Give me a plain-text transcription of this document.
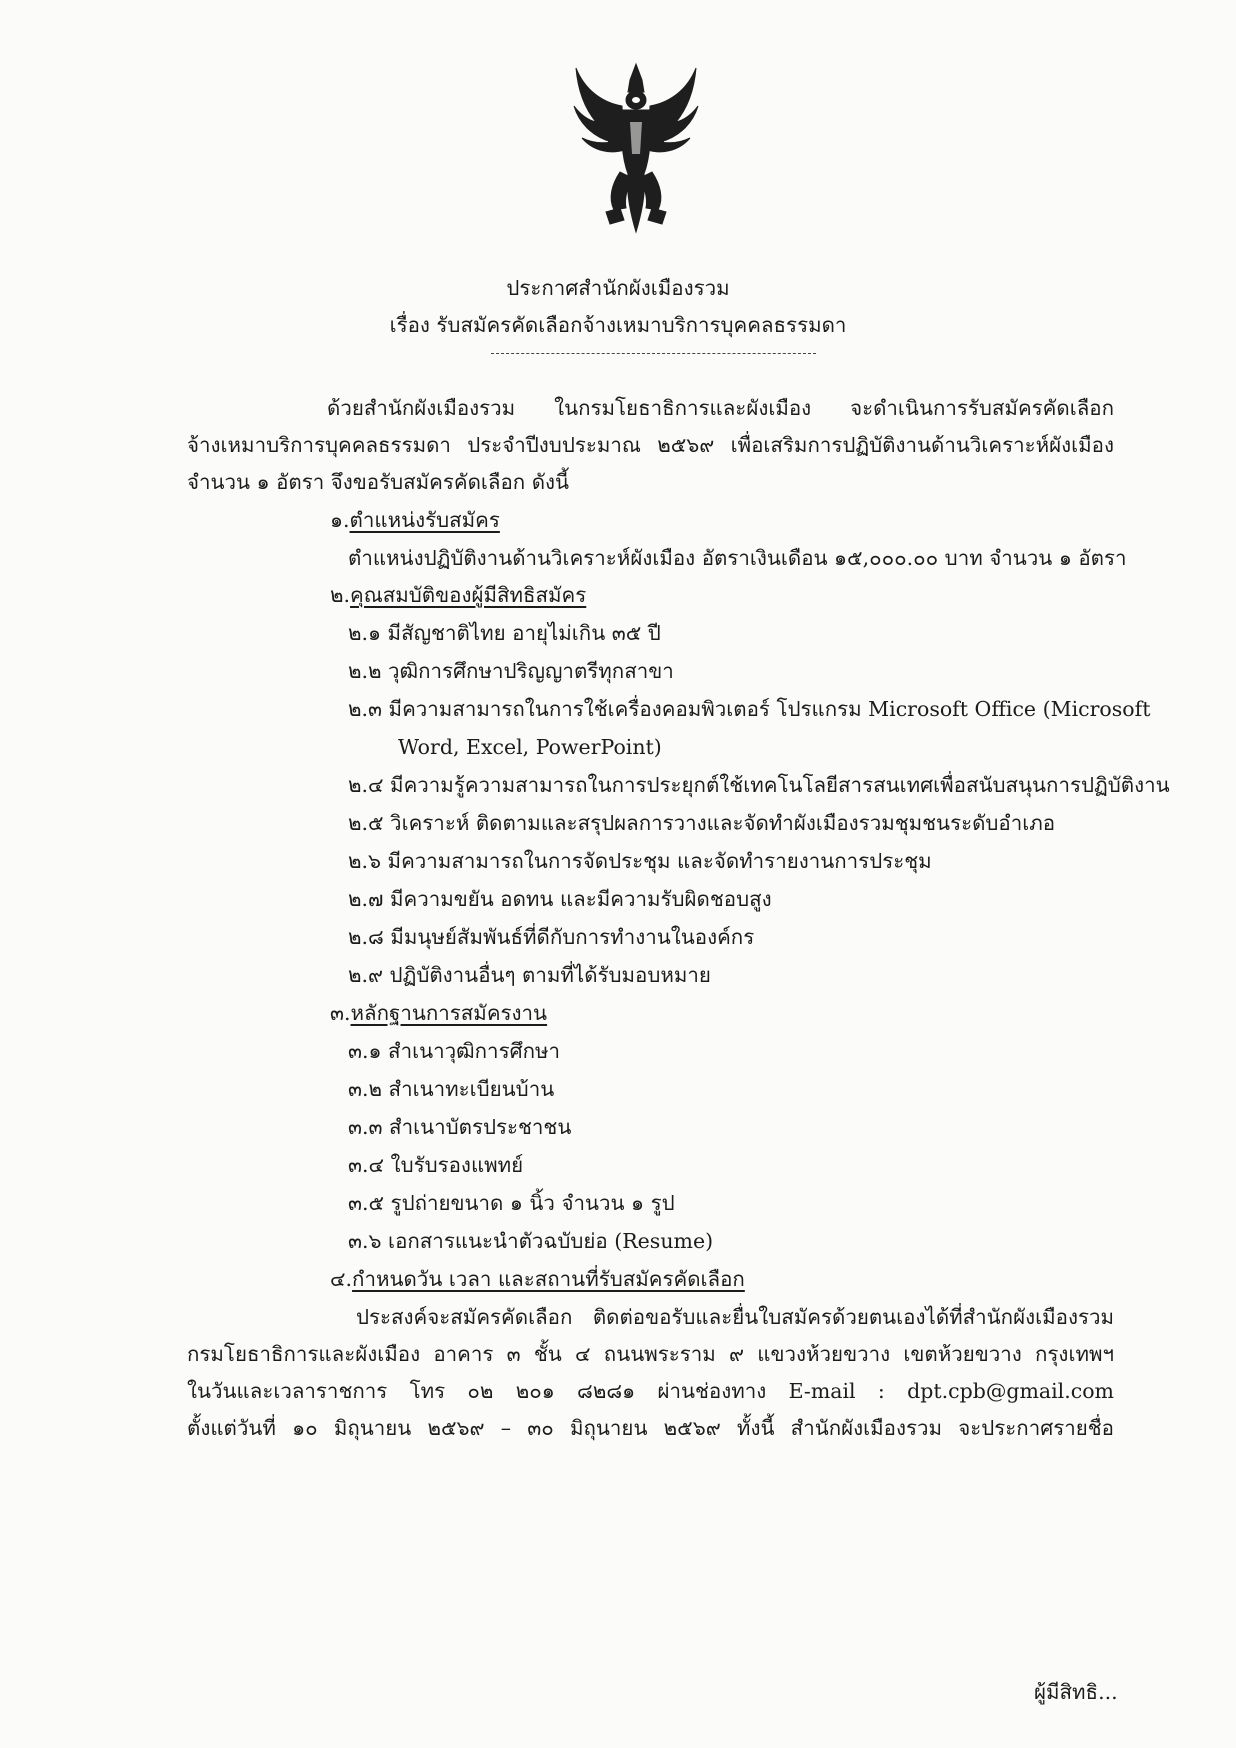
ประกาศสำนักผังเมืองรวม
เรื่อง รับสมัครคัดเลือกจ้างเหมาบริการบุคคลธรรมดา
ด้วยสำนักผังเมืองรวม ในกรมโยธาธิการและผังเมือง จะดำเนินการรับสมัครคัดเลือก
จ้างเหมาบริการบุคคลธรรมดา ประจำปีงบประมาณ ๒๕๖๙ เพื่อเสริมการปฏิบัติงานด้านวิเคราะห์ผังเมือง
จำนวน ๑ อัตรา จึงขอรับสมัครคัดเลือก ดังนี้
๑.ตำแหน่งรับสมัคร
ตำแหน่งปฏิบัติงานด้านวิเคราะห์ผังเมือง อัตราเงินเดือน ๑๕,๐๐๐.๐๐ บาท จำนวน ๑ อัตรา
๒.คุณสมบัติของผู้มีสิทธิสมัคร
๒.๑ มีสัญชาติไทย อายุไม่เกิน ๓๕ ปี
๒.๒ วุฒิการศึกษาปริญญาตรีทุกสาขา
๒.๓ มีความสามารถในการใช้เครื่องคอมพิวเตอร์ โปรแกรม Microsoft Office (Microsoft
Word, Excel, PowerPoint)
๒.๔ มีความรู้ความสามารถในการประยุกต์ใช้เทคโนโลยีสารสนเทศเพื่อสนับสนุนการปฏิบัติงาน
๒.๕ วิเคราะห์ ติดตามและสรุปผลการวางและจัดทำผังเมืองรวมชุมชนระดับอำเภอ
๒.๖ มีความสามารถในการจัดประชุม และจัดทำรายงานการประชุม
๒.๗ มีความขยัน อดทน และมีความรับผิดชอบสูง
๒.๘ มีมนุษย์สัมพันธ์ที่ดีกับการทำงานในองค์กร
๒.๙ ปฏิบัติงานอื่นๆ ตามที่ได้รับมอบหมาย
๓.หลักฐานการสมัครงาน
๓.๑ สำเนาวุฒิการศึกษา
๓.๒ สำเนาทะเบียนบ้าน
๓.๓ สำเนาบัตรประชาชน
๓.๔ ใบรับรองแพทย์
๓.๕ รูปถ่ายขนาด ๑ นิ้ว จำนวน ๑ รูป
๓.๖ เอกสารแนะนำตัวฉบับย่อ (Resume)
๔.กำหนดวัน เวลา และสถานที่รับสมัครคัดเลือก
ประสงค์จะสมัครคัดเลือก ติดต่อขอรับและยื่นใบสมัครด้วยตนเองได้ที่สำนักผังเมืองรวม
กรมโยธาธิการและผังเมือง อาคาร ๓ ชั้น ๔ ถนนพระราม ๙ แขวงห้วยขวาง เขตห้วยขวาง กรุงเทพฯ
ในวันและเวลาราชการ โทร ๐๒ ๒๐๑ ๘๒๘๑ ผ่านช่องทาง E-mail : dpt.cpb@gmail.com
ตั้งแต่วันที่ ๑๐ มิถุนายน ๒๕๖๙ – ๓๐ มิถุนายน ๒๕๖๙ ทั้งนี้ สำนักผังเมืองรวม จะประกาศรายชื่อ
ผู้มีสิทธิ...
